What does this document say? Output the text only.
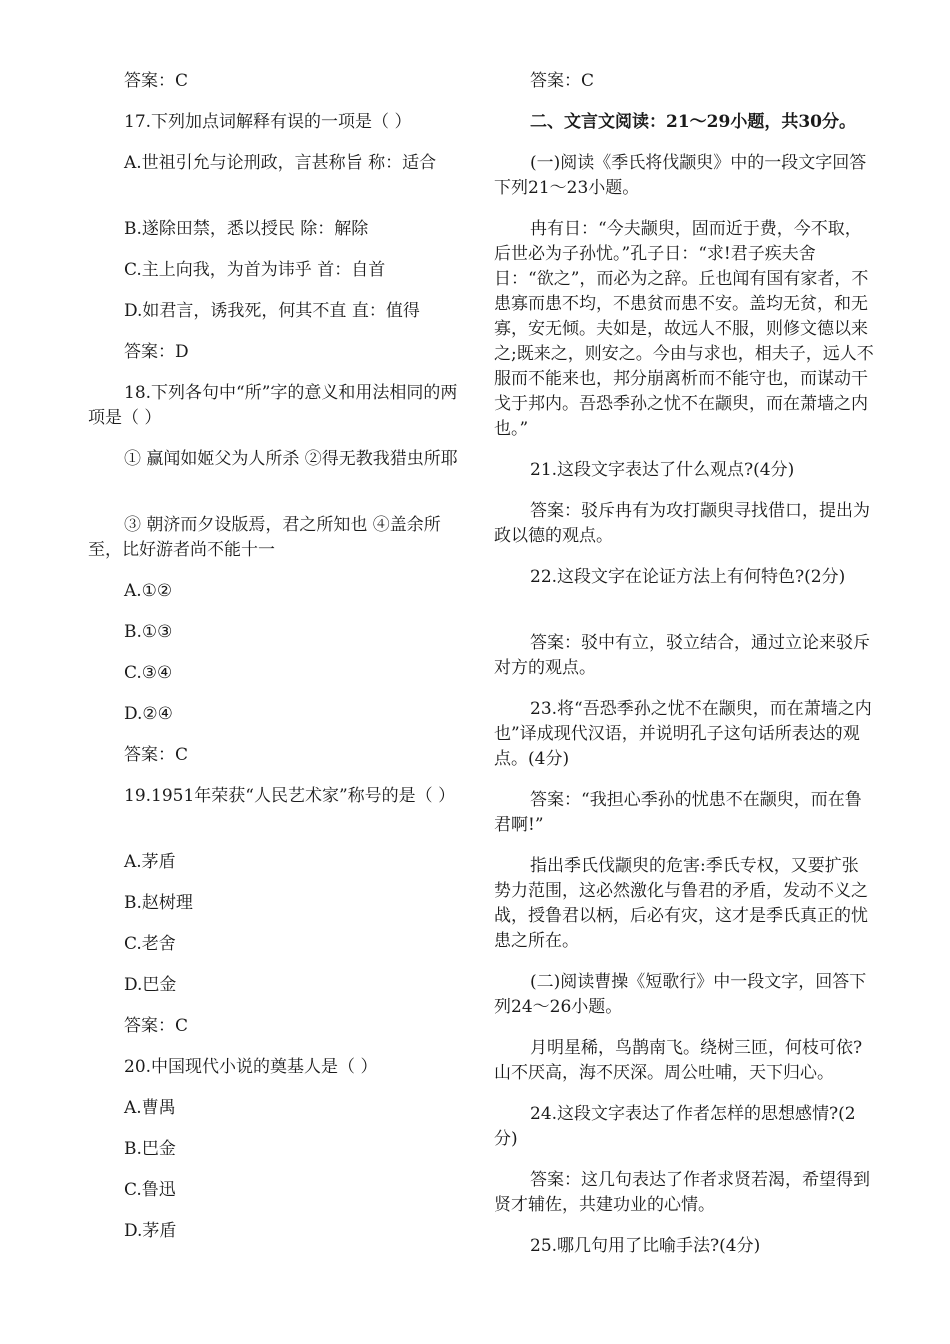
答案：C

17.下列加点词解释有误的一项是（ ）

A.世祖引允与论刑政，言甚称旨 称：适合

B.遂除田禁，悉以授民 除：解除

C.主上向我，为首为讳乎 首：自首

D.如君言，诱我死，何其不直 直：值得

答案：D

18.下列各句中“所”字的意义和用法相同的两项是（ ）

① 赢闻如姬父为人所杀 ②得无教我猎虫所耶

③ 朝济而夕设版焉，君之所知也 ④盖余所至，比好游者尚不能十一

A.①②

B.①③

C.③④

D.②④

答案：C

19.1951年荣获“人民艺术家”称号的是（ ）

A.茅盾

B.赵树理

C.老舍

D.巴金

答案：C

20.中国现代小说的奠基人是（ ）

A.曹禺

B.巴金

C.鲁迅

D.茅盾

答案：C

二、文言文阅读：21～29小题，共30分。

(一)阅读《季氏将伐颛臾》中的一段文字回答下列21～23小题。

冉有日：“今夫颛臾，固而近于费，今不取，后世必为子孙忧。”孔子日：“求!君子疾夫舍日：“欲之”，而必为之辞。丘也闻有国有家者，不患寡而患不均，不患贫而患不安。盖均无贫，和无寡，安无倾。夫如是，故远人不服，则修文德以来之;既来之，则安之。今由与求也，相夫子，远人不服而不能来也，邦分崩离析而不能守也，而谋动干戈于邦内。吾恐季孙之忧不在颛臾，而在萧墙之内也。”

21.这段文字表达了什么观点?(4分)

答案：驳斥冉有为攻打颛臾寻找借口，提出为政以德的观点。

22.这段文字在论证方法上有何特色?(2分)

答案：驳中有立，驳立结合，通过立论来驳斥对方的观点。

23.将“吾恐季孙之忧不在颛臾，而在萧墙之内也”译成现代汉语，并说明孔子这句话所表达的观点。(4分)

答案：“我担心季孙的忧患不在颛臾，而在鲁君啊!”

指出季氏伐颛臾的危害:季氏专权，又要扩张势力范围，这必然激化与鲁君的矛盾，发动不义之战，授鲁君以柄，后必有灾，这才是季氏真正的忧患之所在。

(二)阅读曹操《短歌行》中一段文字，回答下列24～26小题。

月明星稀，鸟鹊南飞。绕树三匝，何枝可依?山不厌高，海不厌深。周公吐哺，天下归心。

24.这段文字表达了作者怎样的思想感情?(2分)

答案：这几句表达了作者求贤若渴，希望得到贤才辅佐，共建功业的心情。

25.哪几句用了比喻手法?(4分)
